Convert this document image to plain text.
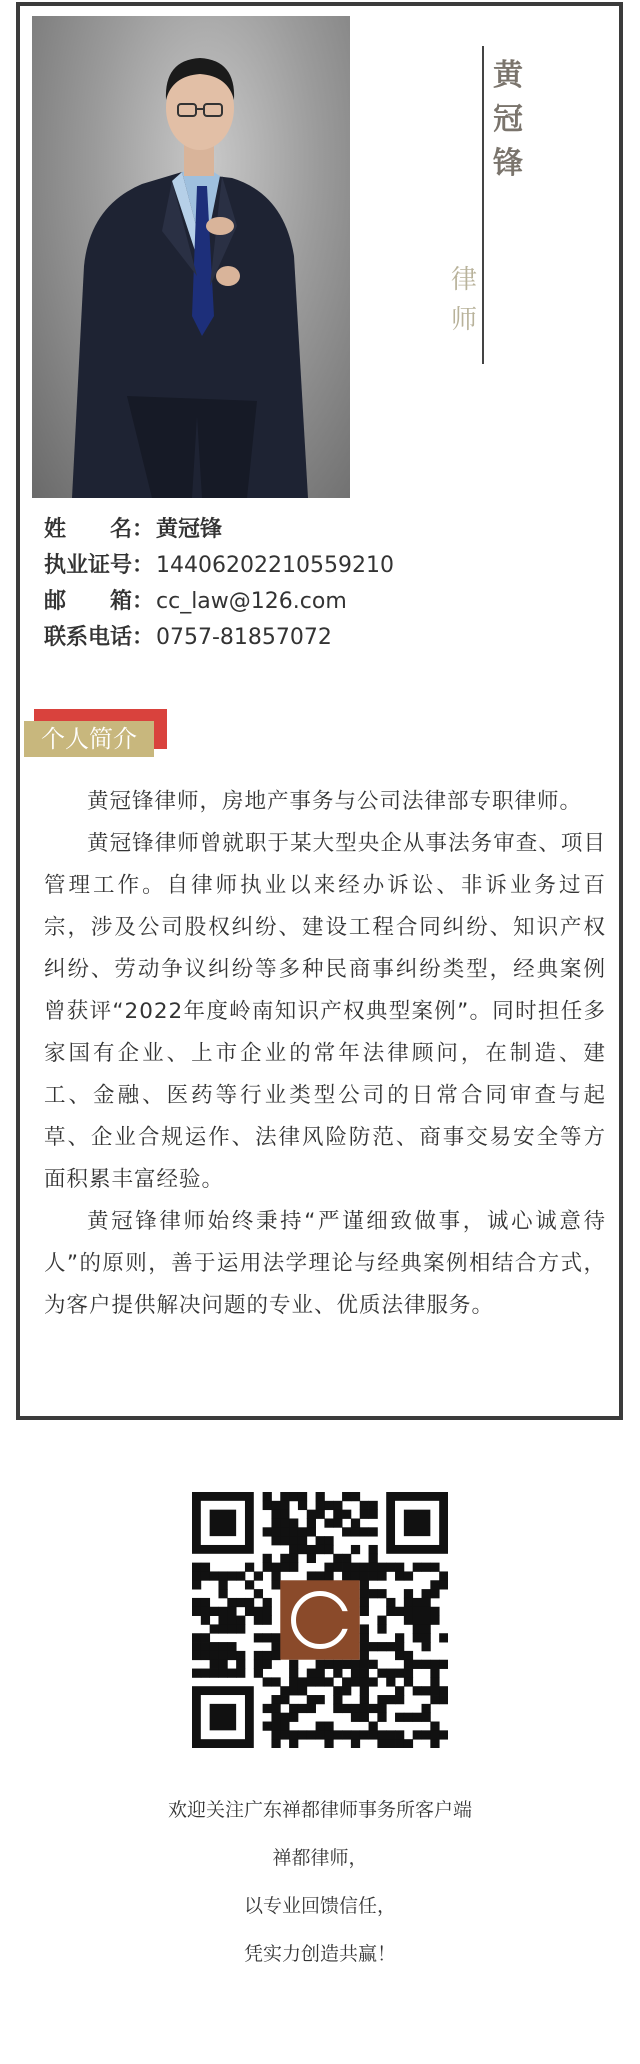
黄
冠
锋
律
师
姓　　名：黄冠锋
执业证号：14406202210559210
邮　　箱：cc_law@126.com
联系电话：0757-81857072
个人简介

黄冠锋律师，房地产事务与公司法律部专职律师。

黄冠锋律师曾就职于某大型央企从事法务审查、项目管理工作。自律师执业以来经办诉讼、非诉业务过百宗，涉及公司股权纠纷、建设工程合同纠纷、知识产权纠纷、劳动争议纠纷等多种民商事纠纷类型，经典案例曾获评“2022年度岭南知识产权典型案例”。同时担任多家国有企业、上市企业的常年法律顾问，在制造、建工、金融、医药等行业类型公司的日常合同审查与起草、企业合规运作、法律风险防范、商事交易安全等方面积累丰富经验。

黄冠锋律师始终秉持“严谨细致做事，诚心诚意待人”的原则，善于运用法学理论与经典案例相结合方式，为客户提供解决问题的专业、优质法律服务。

欢迎关注广东禅都律师事务所客户端
禅都律师，
以专业回馈信任，
凭实力创造共赢！
